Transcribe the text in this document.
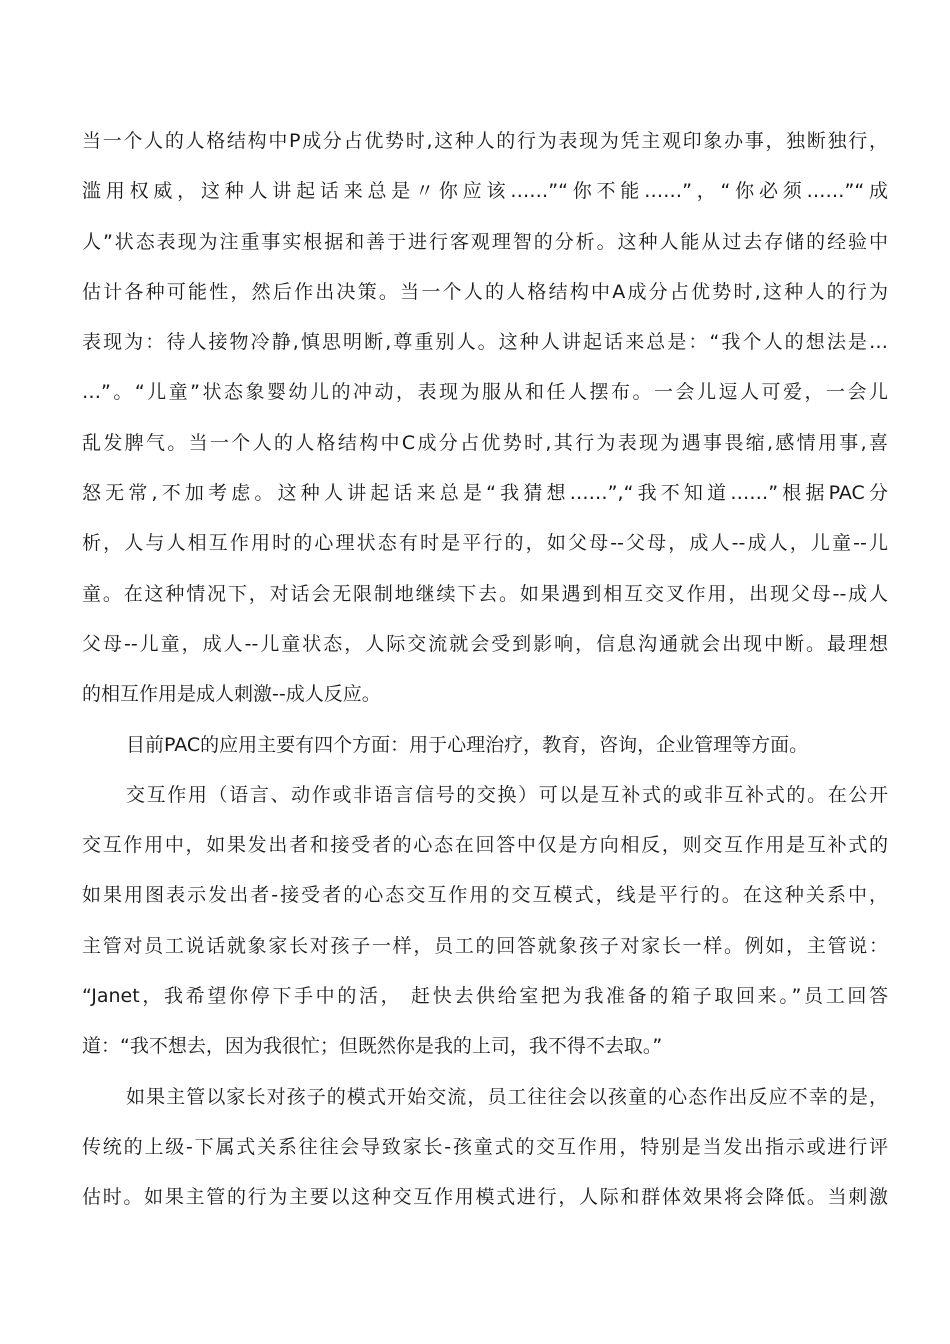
当一个人的人格结构中P成分占优势时,这种人的行为表现为凭主观印象办事，独断独行，
滥用权威，这种人讲起话来总是〃你应该……”“你不能……”，“你必须……”“成
人”状态表现为注重事实根据和善于进行客观理智的分析。这种人能从过去存储的经验中
估计各种可能性，然后作出决策。当一个人的人格结构中A成分占优势时,这种人的行为
表现为：待人接物冷静,慎思明断,尊重别人。这种人讲起话来总是：“我个人的想法是…
…”。“儿童”状态象婴幼儿的冲动，表现为服从和任人摆布。一会儿逗人可爱，一会儿
乱发脾气。当一个人的人格结构中C成分占优势时,其行为表现为遇事畏缩,感情用事,喜
怒无常,不加考虑。这种人讲起话来总是“我猜想……”,“我不知道……”根据PAC分
析，人与人相互作用时的心理状态有时是平行的，如父母--父母，成人--成人，儿童--儿
童。在这种情况下，对话会无限制地继续下去。如果遇到相互交叉作用，出现父母--成人
父母--儿童，成人--儿童状态，人际交流就会受到影响，信息沟通就会出现中断。最理想
的相互作用是成人刺激--成人反应。
目前PAC的应用主要有四个方面：用于心理治疗，教育，咨询，企业管理等方面。
交互作用（语言、动作或非语言信号的交换）可以是互补式的或非互补式的。在公开
交互作用中，如果发出者和接受者的心态在回答中仅是方向相反，则交互作用是互补式的
如果用图表示发出者-接受者的心态交互作用的交互模式，线是平行的。在这种关系中，
主管对员工说话就象家长对孩子一样，员工的回答就象孩子对家长一样。例如，主管说：
“Janet，我希望你停下手中的活， 赶快去供给室把为我准备的箱子取回来。”员工回答
道：“我不想去，因为我很忙；但既然你是我的上司，我不得不去取。”
如果主管以家长对孩子的模式开始交流，员工往往会以孩童的心态作出反应不幸的是，
传统的上级-下属式关系往往会导致家长-孩童式的交互作用，特别是当发出指示或进行评
估时。如果主管的行为主要以这种交互作用模式进行，人际和群体效果将会降低。当刺激
